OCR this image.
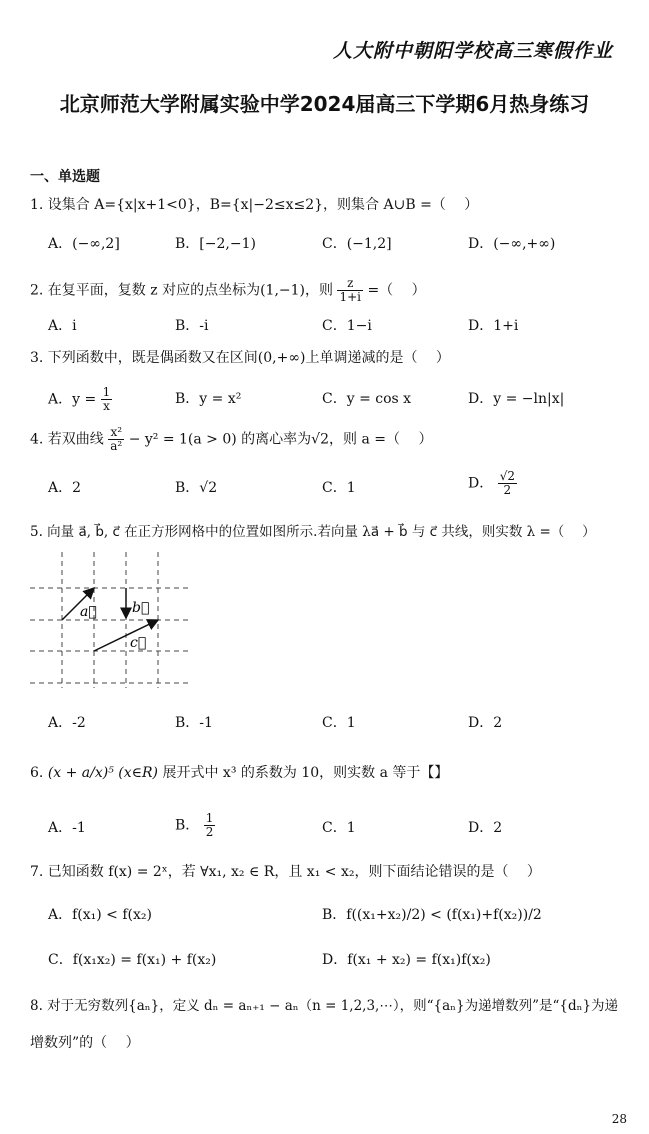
人大附中朝阳学校高三寒假作业
北京师范大学附属实验中学2024届高三下学期6月热身练习
一、单选题
1. 设集合 A={x|x+1<0}，B={x|−2≤x≤2}，则集合 A∪B =（　 ）
A．(−∞,2]	B．[−2,−1)	C．(−1,2]	D．(−∞,+∞)
2. 在复平面，复数 z 对应的点坐标为(1,−1)，则 $\frac{z}{1+i}$ =（　 ）
A．i	B．-i	C．1−i	D．1+i
3. 下列函数中，既是偶函数又在区间(0,+∞)上单调递减的是（　 ）
A．$y = \frac{1}{x}$	B．y = x²	C．y = cos x	D．y = −ln|x|
4. 若双曲线 $\frac{\text{x²}}{\text{a²}} - y^2 = 1(a > 0)$ 的离心率为√2，则 a =（　 ）
A．2	B．√2	C．1	D． $\frac{√2}{2}$
5. 向量 a⃗, b⃗, c⃗ 在正方形网格中的位置如图所示.若向量 λa⃗ + b⃗ 与 c⃗ 共线，则实数 λ =（　 ）
a⃗	b⃗
c⃗
A．-2	B．-1	C．1	D．2
6. (x + a/x)⁵ (x∈R) 展开式中 x³ 的系数为 10，则实数 a 等于【】
A．-1	B． $\frac{1}{2}$	C．1	D．2
7. 已知函数 f(x) = 2ˣ，若 ∀x₁, x₂ ∈ R，且 x₁ < x₂，则下面结论错误的是（　 ）
A．f(x₁) < f(x₂)	B．f((x₁+x₂)/2) < (f(x₁)+f(x₂))/2
C．f(x₁x₂) = f(x₁) + f(x₂)	D．f(x₁ + x₂) = f(x₁)f(x₂)
8. 对于无穷数列{aₙ}，定义 dₙ = aₙ₊₁ − aₙ（n = 1,2,3,⋯），则“{aₙ}为递增数列”是“{dₙ}为递
增数列”的（　 ）
28
